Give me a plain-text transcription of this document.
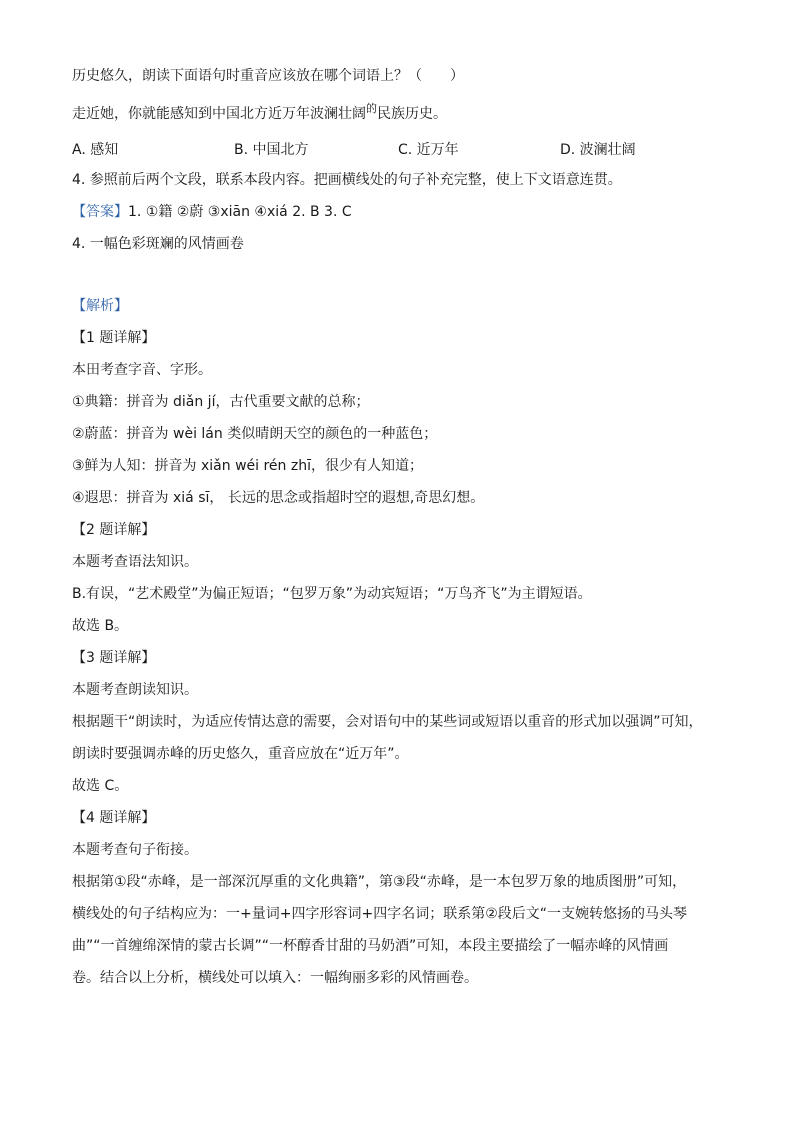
历史悠久，朗读下面语句时重音应该放在哪个词语上？（　　）
走近她，你就能感知到中国北方近万年波澜壮阔$^的$民族历史。
A. 感知	B. 中国北方	C. 近万年	D. 波澜壮阔
4. 参照前后两个文段，联系本段内容。把画横线处的句子补充完整，使上下文语意连贯。
【答案】1. ①籍 ②蔚 ③xiān ④xiá 2. B 3. C
4. 一幅色彩斑斓的风情画卷
【解析】
【1 题详解】
本田考查字音、字形。
①典籍：拼音为 diǎn jí，古代重要文献的总称；
②蔚蓝：拼音为 wèi lán 类似晴朗天空的颜色的一种蓝色；
③鲜为人知：拼音为 xiǎn wéi rén zhī，很少有人知道；
④遐思：拼音为 xiá sī， 长远的思念或指超时空的遐想,奇思幻想。
【2 题详解】
本题考查语法知识。
B.有误，“艺术殿堂”为偏正短语；“包罗万象”为动宾短语；“万鸟齐飞”为主谓短语。
故选 B。
【3 题详解】
本题考查朗读知识。
根据题干“朗读时，为适应传情达意的需要，会对语句中的某些词或短语以重音的形式加以强调”可知，
朗读时要强调赤峰的历史悠久，重音应放在“近万年”。
故选 C。
【4 题详解】
本题考查句子衔接。
根据第①段“赤峰，是一部深沉厚重的文化典籍”，第③段“赤峰，是一本包罗万象的地质图册”可知，
横线处的句子结构应为：一+量词+四字形容词+四字名词；联系第②段后文“一支婉转悠扬的马头琴
曲”“一首缠绵深情的蒙古长调”“一杯醇香甘甜的马奶酒”可知，本段主要描绘了一幅赤峰的风情画
卷。结合以上分析，横线处可以填入：一幅绚丽多彩的风情画卷。
